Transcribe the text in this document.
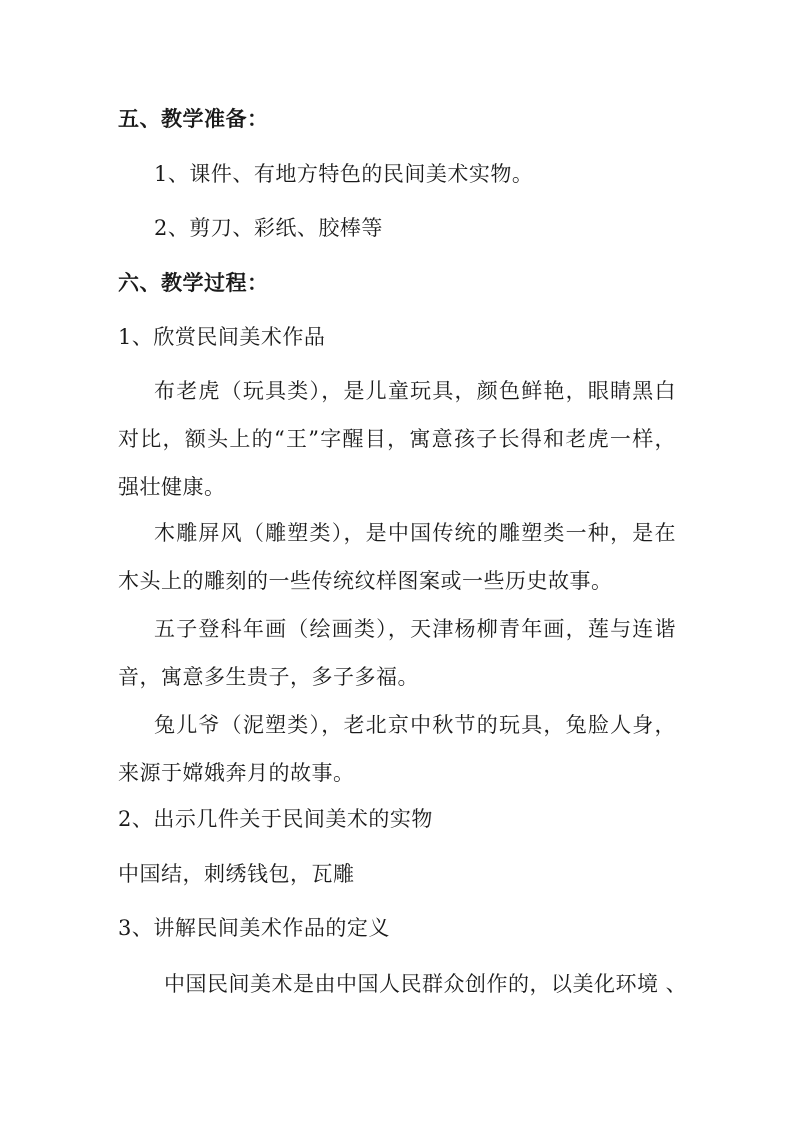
五、教学准备：
1、课件、有地方特色的民间美术实物。
2、剪刀、彩纸、胶棒等
六、教学过程：
1、欣赏民间美术作品
布老虎（玩具类），是儿童玩具，颜色鲜艳，眼睛黑白对比，额头上的“王”字醒目，寓意孩子长得和老虎一样，强壮健康。
木雕屏风（雕塑类），是中国传统的雕塑类一种，是在木头上的雕刻的一些传统纹样图案或一些历史故事。
五子登科年画（绘画类），天津杨柳青年画，莲与连谐音，寓意多生贵子，多子多福。
兔儿爷（泥塑类），老北京中秋节的玩具，兔脸人身，来源于嫦娥奔月的故事。
2、出示几件关于民间美术的实物
中国结，刺绣钱包，瓦雕
3、讲解民间美术作品的定义
中国民间美术是由中国人民群众创作的，以美化环境 、
